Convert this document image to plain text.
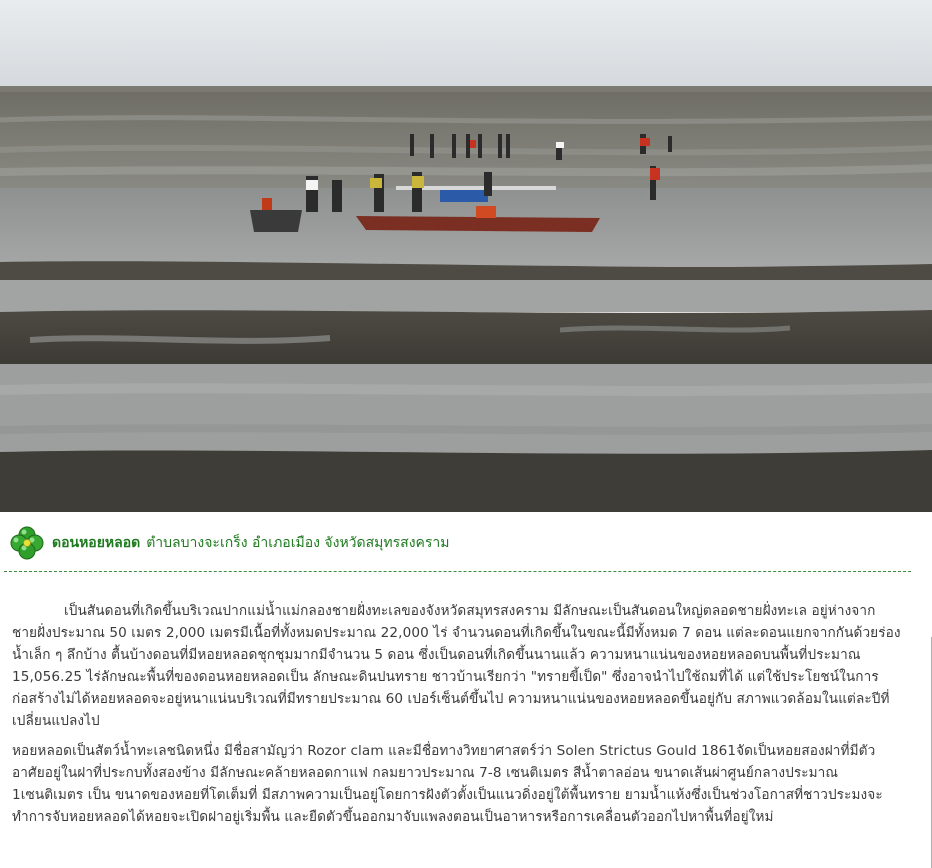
ดอนหอยหลอด ตำบลบางจะเกร็ง อำเภอเมือง จังหวัดสมุทรสงคราม

เป็นสันดอนที่เกิดขึ้นบริเวณปากแม่น้ำแม่กลองชายฝั่งทะเลของจังหวัดสมุทรสงคราม มีลักษณะเป็นสันดอนใหญ่ตลอดชายฝั่งทะเล อยู่ห่างจากชายฝั่งประมาณ 50 เมตร 2,000 เมตรมีเนื้อที่ทั้งหมดประมาณ 22,000 ไร่ จำนวนดอนที่เกิดขึ้นในขณะนี้มีทั้งหมด 7 ดอน แต่ละดอนแยกจากกันด้วยร่องน้ำเล็ก ๆ ลึกบ้าง ตื้นบ้างดอนที่มีหอยหลอดชุกชุมมากมีจำนวน 5 ดอน ซึ่งเป็นดอนที่เกิดขึ้นนานแล้ว ความหนาแน่นของหอยหลอดบนพื้นที่ประมาณ 15,056.25 ไร่ลักษณะพื้นที่ของดอนหอยหลอดเป็น ลักษณะดินปนทราย ชาวบ้านเรียกว่า "ทรายขี้เป็ด" ซึ่งอาจนำไปใช้ถมที่ได้ แต่ใช้ประโยชน์ในการก่อสร้างไม่ได้หอยหลอดจะอยู่หนาแน่นบริเวณที่มีทรายประมาณ 60 เปอร์เซ็นต์ขึ้นไป ความหนาแน่นของหอยหลอดขึ้นอยู่กับ สภาพแวดล้อมในแต่ละปีที่เปลี่ยนแปลงไป

หอยหลอดเป็นสัตว์น้ำทะเลชนิดหนึ่ง มีชื่อสามัญว่า Rozor clam และมีชื่อทางวิทยาศาสตร์ว่า Solen Strictus Gould 1861จัดเป็นหอยสองฝาที่มีตัวอาศัยอยู่ในฝาที่ประกบทั้งสองข้าง มีลักษณะคล้ายหลอดกาแฟ กลมยาวประมาณ 7-8 เซนติเมตร สีน้ำตาลอ่อน ขนาดเส้นผ่าศูนย์กลางประมาณ 1เซนติเมตร เป็น ขนาดของหอยที่โตเต็มที่ มีสภาพความเป็นอยู่โดยการฝังตัวตั้งเป็นแนวดิ่งอยู่ใต้พื้นทราย ยามน้ำแห้งซึ่งเป็นช่วงโอกาสที่ชาวประมงจะทำการจับหอยหลอดได้หอยจะเปิดฝาอยู่เริ่มพื้น และยืดตัวขึ้นออกมาจับแพลงตอนเป็นอาหารหรือการเคลื่อนตัวออกไปหาพื้นที่อยู่ใหม่
